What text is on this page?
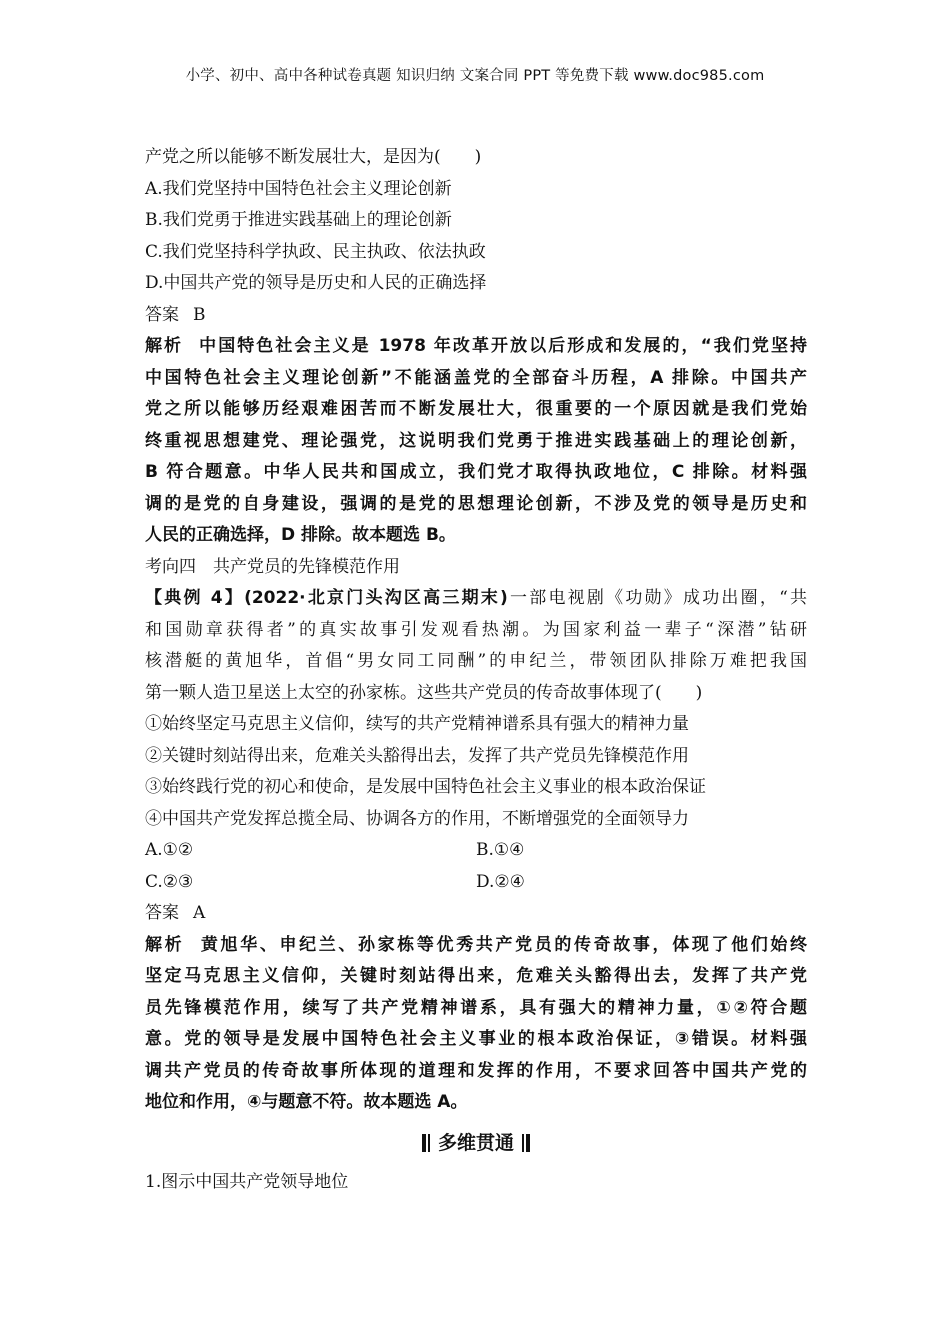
小学、初中、高中各种试卷真题 知识归纳 文案合同 PPT 等免费下载 www.doc985.com
产党之所以能够不断发展壮大，是因为(　　)
A.我们党坚持中国特色社会主义理论创新
B.我们党勇于推进实践基础上的理论创新
C.我们党坚持科学执政、民主执政、依法执政
D.中国共产党的领导是历史和人民的正确选择
答案 B
解析 中国特色社会主义是 1978 年改革开放以后形成和发展的，“我们党坚持
中国特色社会主义理论创新”不能涵盖党的全部奋斗历程，A 排除。中国共产
党之所以能够历经艰难困苦而不断发展壮大，很重要的一个原因就是我们党始
终重视思想建党、理论强党，这说明我们党勇于推进实践基础上的理论创新，
B 符合题意。中华人民共和国成立，我们党才取得执政地位，C 排除。材料强
调的是党的自身建设，强调的是党的思想理论创新，不涉及党的领导是历史和
人民的正确选择，D 排除。故本题选 B。
考向四　共产党员的先锋模范作用
【典例 4】(2022·北京门头沟区高三期末)一部电视剧《功勋》成功出圈，“共
和国勋章获得者”的真实故事引发观看热潮。为国家利益一辈子“深潜”钻研
核潜艇的黄旭华，首倡“男女同工同酬”的申纪兰，带领团队排除万难把我国
第一颗人造卫星送上太空的孙家栋。这些共产党员的传奇故事体现了(　　)
①始终坚定马克思主义信仰，续写的共产党精神谱系具有强大的精神力量
②关键时刻站得出来，危难关头豁得出去，发挥了共产党员先锋模范作用
③始终践行党的初心和使命，是发展中国特色社会主义事业的根本政治保证
④中国共产党发挥总揽全局、协调各方的作用，不断增强党的全面领导力
A.①②	B.①④
C.②③	D.②④
答案 A
解析 黄旭华、申纪兰、孙家栋等优秀共产党员的传奇故事，体现了他们始终
坚定马克思主义信仰，关键时刻站得出来，危难关头豁得出去，发挥了共产党
员先锋模范作用，续写了共产党精神谱系，具有强大的精神力量，①②符合题
意。党的领导是发展中国特色社会主义事业的根本政治保证，③错误。材料强
调共产党员的传奇故事所体现的道理和发挥的作用，不要求回答中国共产党的
地位和作用，④与题意不符。故本题选 A。
多维贯通
1.图示中国共产党领导地位
